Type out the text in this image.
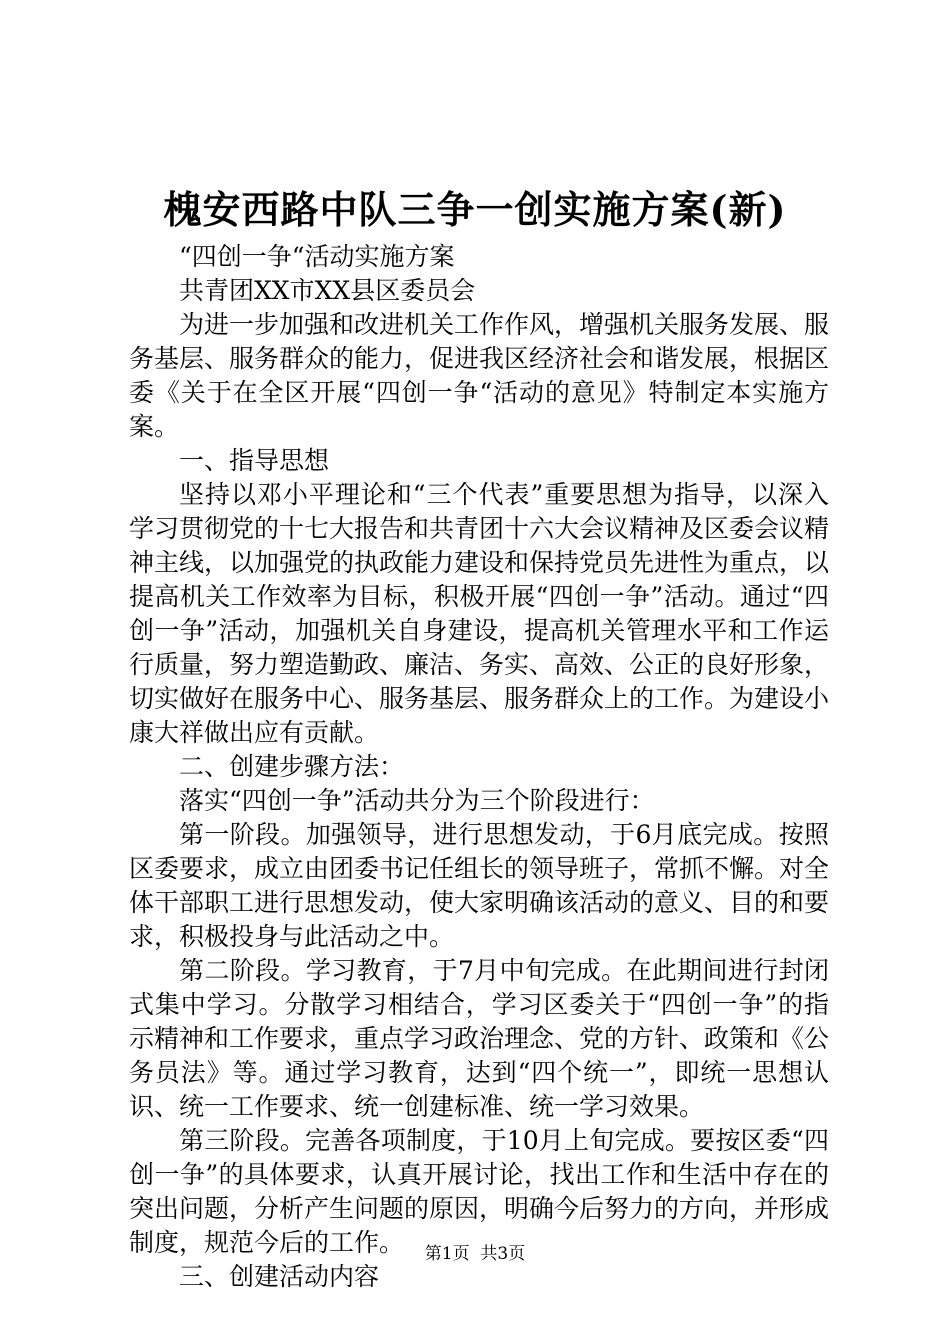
槐安西路中队三争一创实施方案(新)

“四创一争“活动实施方案

共青团XX市XX县区委员会

为进一步加强和改进机关工作作风，增强机关服务发展、服务基层、服务群众的能力，促进我区经济社会和谐发展，根据区委《关于在全区开展“四创一争“活动的意见》特制定本实施方案。

一、指导思想

坚持以邓小平理论和“三个代表”重要思想为指导，以深入学习贯彻党的十七大报告和共青团十六大会议精神及区委会议精神主线，以加强党的执政能力建设和保持党员先进性为重点，以提高机关工作效率为目标，积极开展“四创一争”活动。通过“四创一争”活动，加强机关自身建设，提高机关管理水平和工作运行质量，努力塑造勤政、廉洁、务实、高效、公正的良好形象，切实做好在服务中心、服务基层、服务群众上的工作。为建设小康大祥做出应有贡献。

二、创建步骤方法：

落实“四创一争”活动共分为三个阶段进行：

第一阶段。加强领导，进行思想发动，于6月底完成。按照区委要求，成立由团委书记任组长的领导班子，常抓不懈。对全体干部职工进行思想发动，使大家明确该活动的意义、目的和要求，积极投身与此活动之中。

第二阶段。学习教育，于7月中旬完成。在此期间进行封闭式集中学习。分散学习相结合，学习区委关于“四创一争”的指示精神和工作要求，重点学习政治理念、党的方针、政策和《公务员法》等。通过学习教育，达到“四个统一”，即统一思想认识、统一工作要求、统一创建标准、统一学习效果。

第三阶段。完善各项制度，于10月上旬完成。要按区委“四创一争”的具体要求，认真开展讨论，找出工作和生活中存在的突出问题，分析产生问题的原因，明确今后努力的方向，并形成制度，规范今后的工作。

三、创建活动内容

第1页  共3页
